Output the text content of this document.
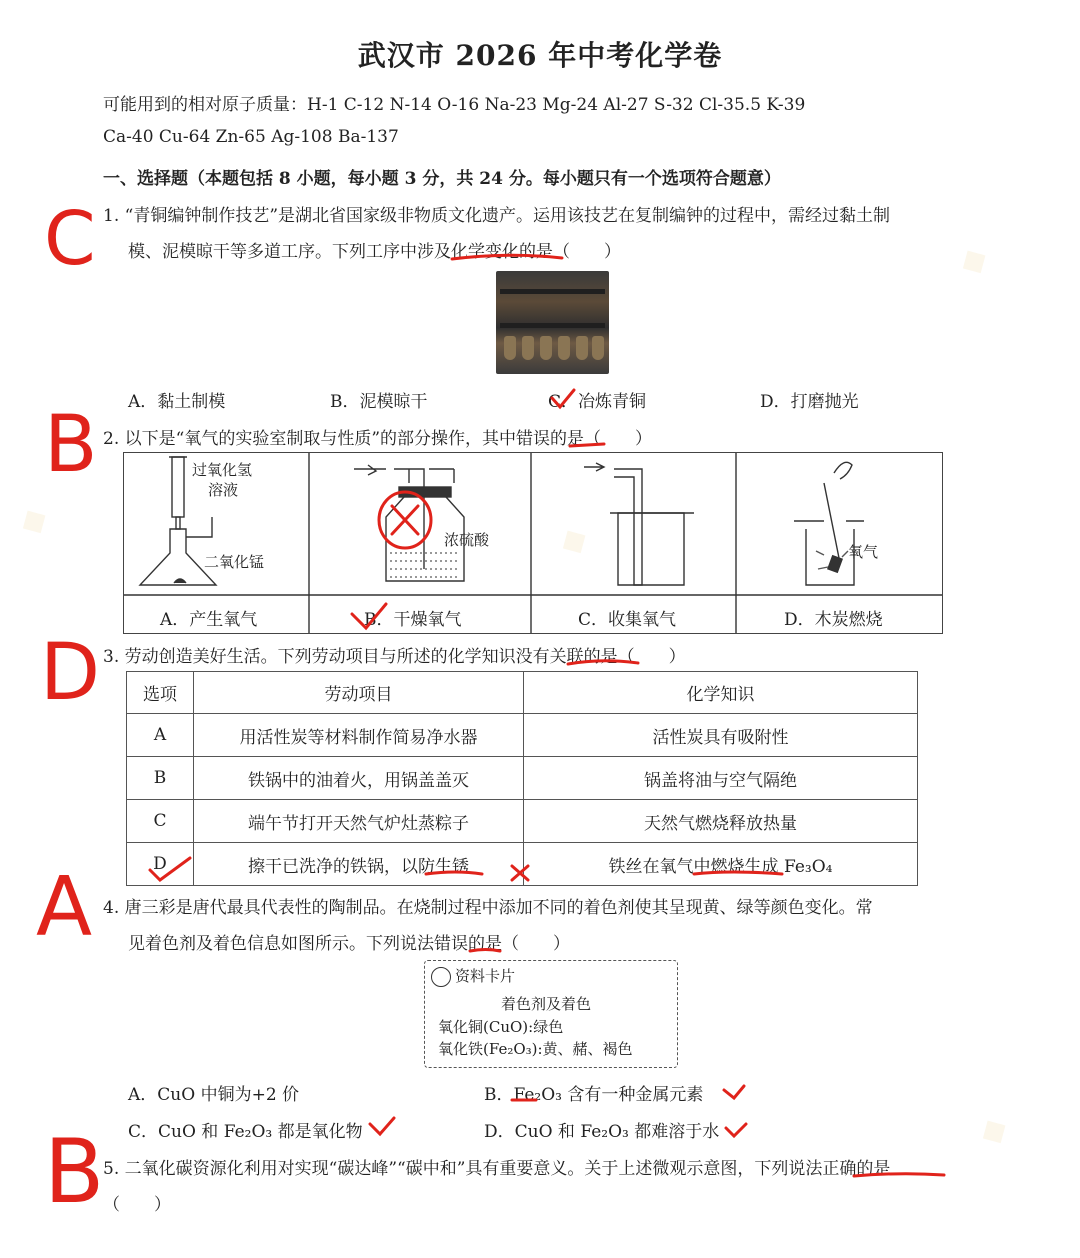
◆	◆
◆
◆
武汉市 2026 年中考化学卷
可能用到的相对原子质量：H-1 C-12 N-14 O-16 Na-23 Mg-24 Al-27 S-32 Cl-35.5 K-39
Ca-40 Cu-64 Zn-65 Ag-108 Ba-137
一、选择题（本题包括 8 小题，每小题 3 分，共 24 分。每小题只有一个选项符合题意）
1. “青铜编钟制作技艺”是湖北省国家级非物质文化遗产。运用该技艺在复制编钟的过程中，需经过黏土制
模、泥模晾干等多道工序。下列工序中涉及化学变化的是（　　）
A．黏土制模	B．泥模晾干	C．冶炼青铜	D．打磨抛光
2. 以下是“氧气的实验室制取与性质”的部分操作，其中错误的是（　　）
过氧化氢
溶液
二氧化锰
浓硫酸
氧气
A．产生氧气	B．干燥氧气	C．收集氧气	D．木炭燃烧
3. 劳动创造美好生活。下列劳动项目与所述的化学知识没有关联的是（　　）
选项	劳动项目	化学知识
A	用活性炭等材料制作简易净水器	活性炭具有吸附性
B	铁锅中的油着火，用锅盖盖灭	锅盖将油与空气隔绝
C	端午节打开天然气炉灶蒸粽子	天然气燃烧释放热量
D	擦干已洗净的铁锅，以防生锈	铁丝在氧气中燃烧生成 Fe₃O₄
4. 唐三彩是唐代最具代表性的陶制品。在烧制过程中添加不同的着色剂使其呈现黄、绿等颜色变化。常
见着色剂及着色信息如图所示。下列说法错误的是（　　）
资料卡片
着色剂及着色
氧化铜(CuO):绿色
氧化铁(Fe₂O₃):黄、赭、褐色
A．CuO 中铜为+2 价	B．Fe₂O₃ 含有一种金属元素
C．CuO 和 Fe₂O₃ 都是氧化物	D．CuO 和 Fe₂O₃ 都难溶于水
5. 二氧化碳资源化利用对实现“碳达峰”“碳中和”具有重要意义。关于上述微观示意图，下列说法正确的是
（　　）
C
B
D
A
B
